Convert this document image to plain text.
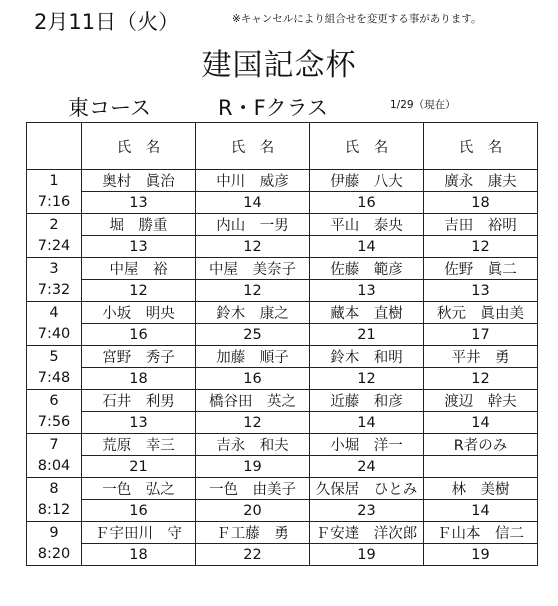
2月11日（火）	※キャンセルにより組合せを変更する事があります。
建国記念杯
東コース	R・Fクラス	1/29（現在）
	氏　名	氏　名	氏　名	氏　名

1
7:16	奥村　眞治	中川　威彦	伊藤　八大	廣永　康夫
	13	14	16	18

2
7:24	堀　勝重	内山　一男	平山　泰央	吉田　裕明
	13	12	14	12

3
7:32	中屋　裕	中屋　美奈子	佐藤　範彦	佐野　眞二
	12	12	13	13

4
7:40	小坂　明央	鈴木　康之	藏本　直樹	秋元　眞由美
	16	25	21	17

5
7:48	宮野　秀子	加藤　順子	鈴木　和明	平井　勇
	18	16	12	12

6
7:56	石井　利男	橋谷田　英之	近藤　和彦	渡辺　幹夫
	13	12	14	14

7
8:04	荒原　幸三	吉永　和夫	小堀　洋一	R者のみ
	21	19	24	

8
8:12	一色　弘之	一色　由美子	久保居　ひとみ	林　美樹
	16	20	23	14

9
8:20	Ｆ宇田川　守	Ｆ工藤　勇	Ｆ安達　洋次郎	Ｆ山本　信二
	18	22	19	19
